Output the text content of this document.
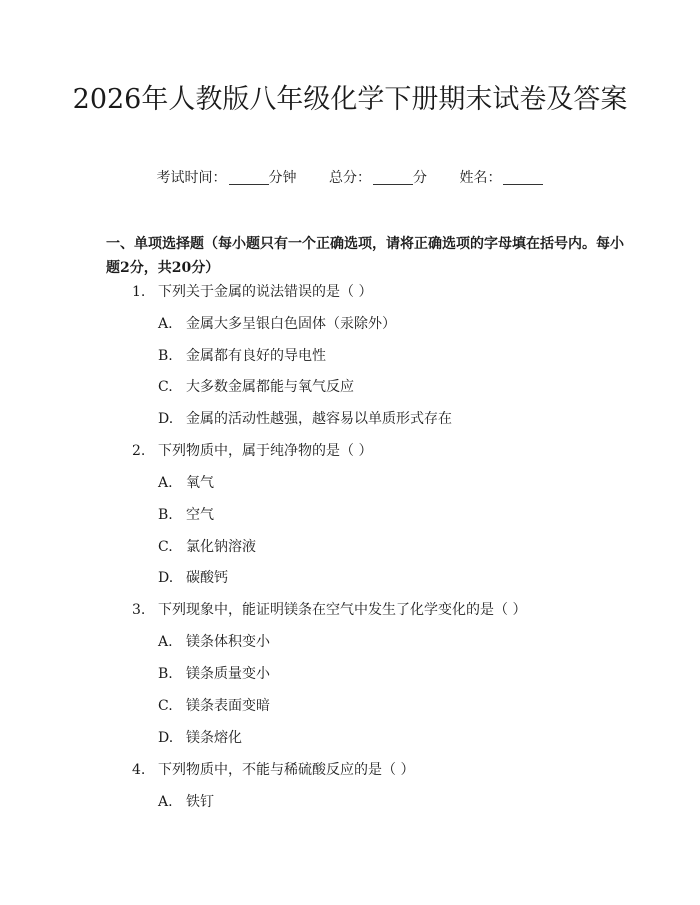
2026年人教版八年级化学下册期末试卷及答案
考试时间：	分钟 总分：	分 姓名：

一、单项选择题（每小题只有一个正确选项，请将正确选项的字母填在括号内。每小题2分，共20分）

1. 下列关于金属的说法错误的是（ ）
A. 金属大多呈银白色固体（汞除外）
B. 金属都有良好的导电性
C. 大多数金属都能与氧气反应
D. 金属的活动性越强，越容易以单质形式存在
2. 下列物质中，属于纯净物的是（ ）
A. 氧气
B. 空气
C. 氯化钠溶液
D. 碳酸钙
3. 下列现象中，能证明镁条在空气中发生了化学变化的是（ ）
A. 镁条体积变小
B. 镁条质量变小
C. 镁条表面变暗
D. 镁条熔化
4. 下列物质中，不能与稀硫酸反应的是（ ）
A. 铁钉
